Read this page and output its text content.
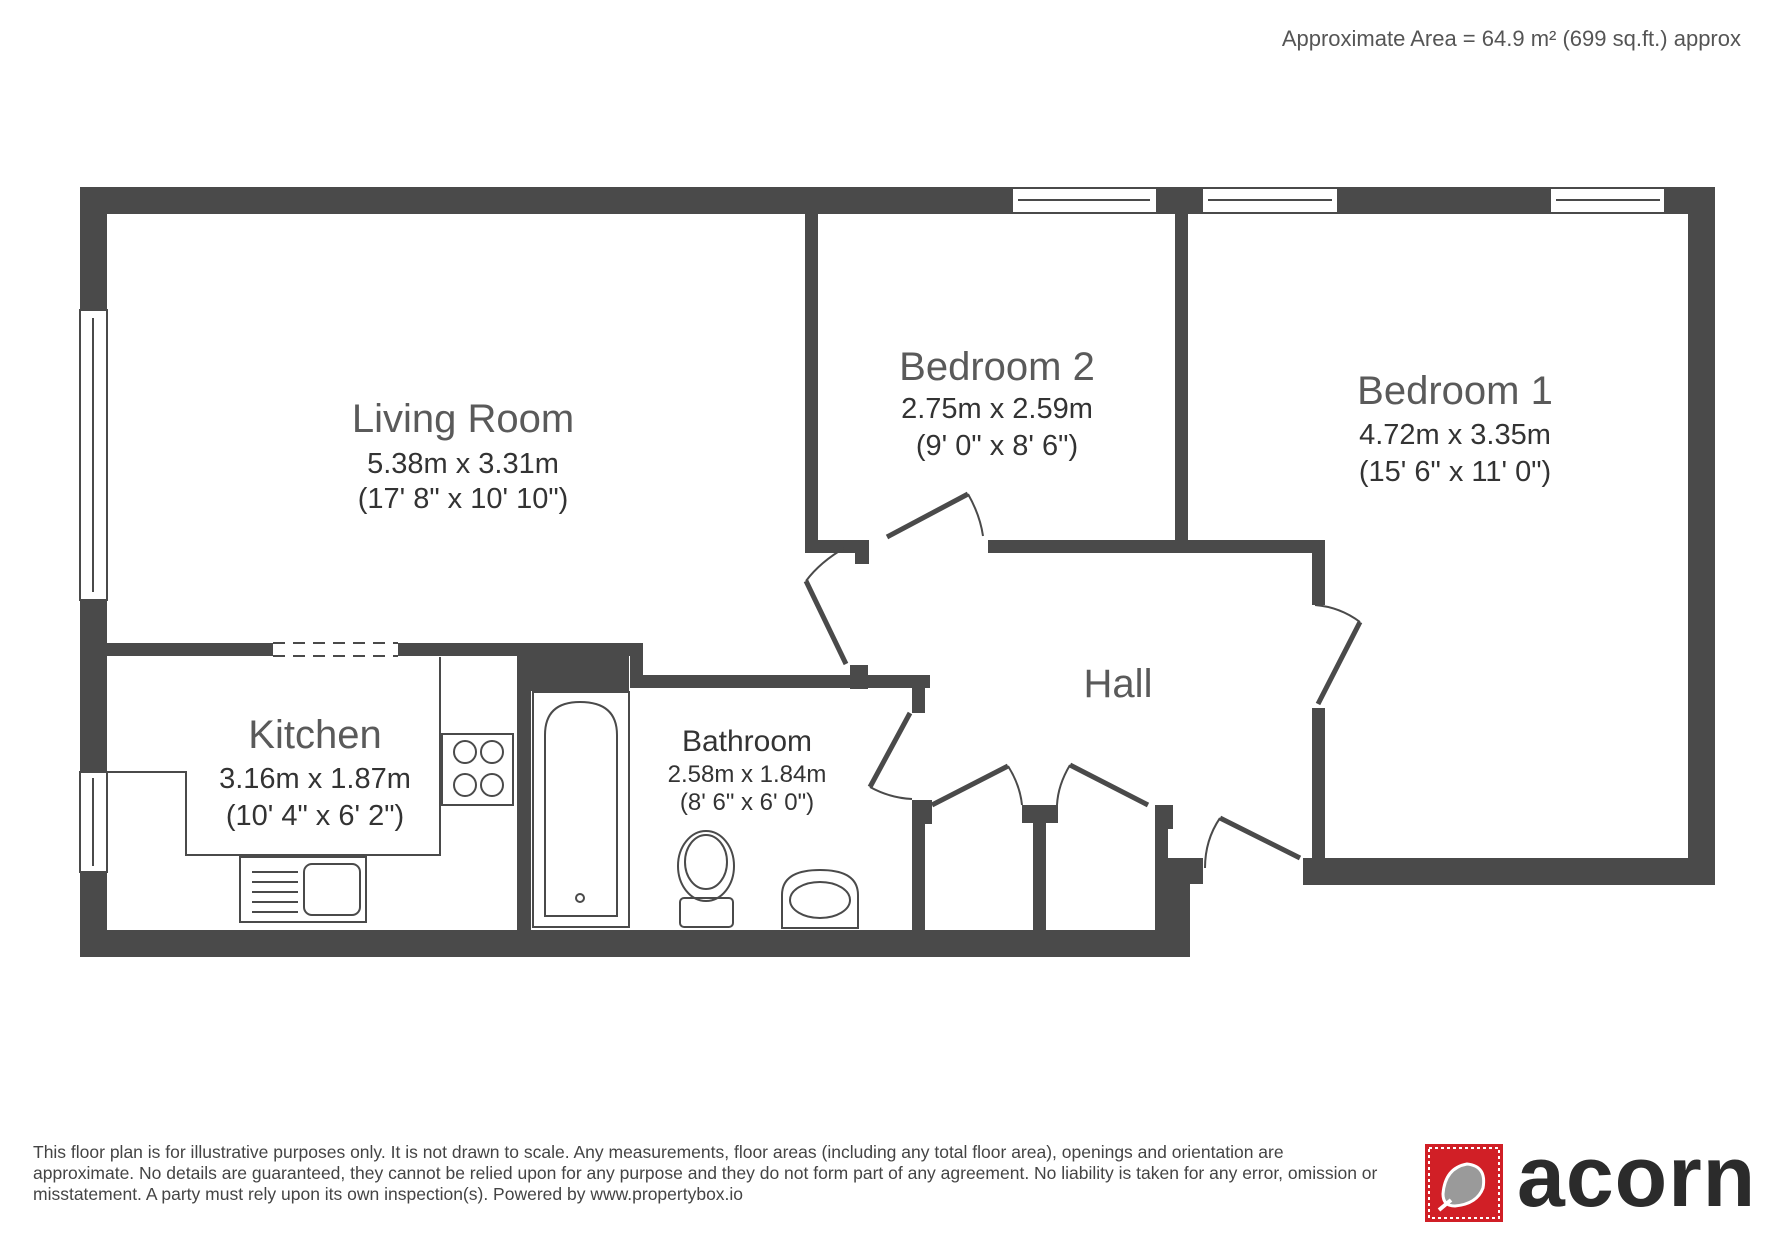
Approximate Area = 64.9 m² (699 sq.ft.) approx
Living Room
5.38m x 3.31m
(17' 8" x 10' 10")
Bedroom 2
2.75m x 2.59m
(9' 0" x 8' 6")
Bedroom 1
4.72m x 3.35m
(15' 6" x 11' 0")
Kitchen
3.16m x 1.87m
(10' 4" x 6' 2")
Bathroom
2.58m x 1.84m
(8' 6" x 6' 0")
Hall
This floor plan is for illustrative purposes only. It is not drawn to scale. Any measurements, floor areas (including any total floor area), openings and orientation are approximate. No details are guaranteed, they cannot be relied upon for any purpose and they do not form part of any agreement. No liability is taken for any error, omission or misstatement. A party must rely upon its own inspection(s). Powered by www.propertybox.io	acorn
